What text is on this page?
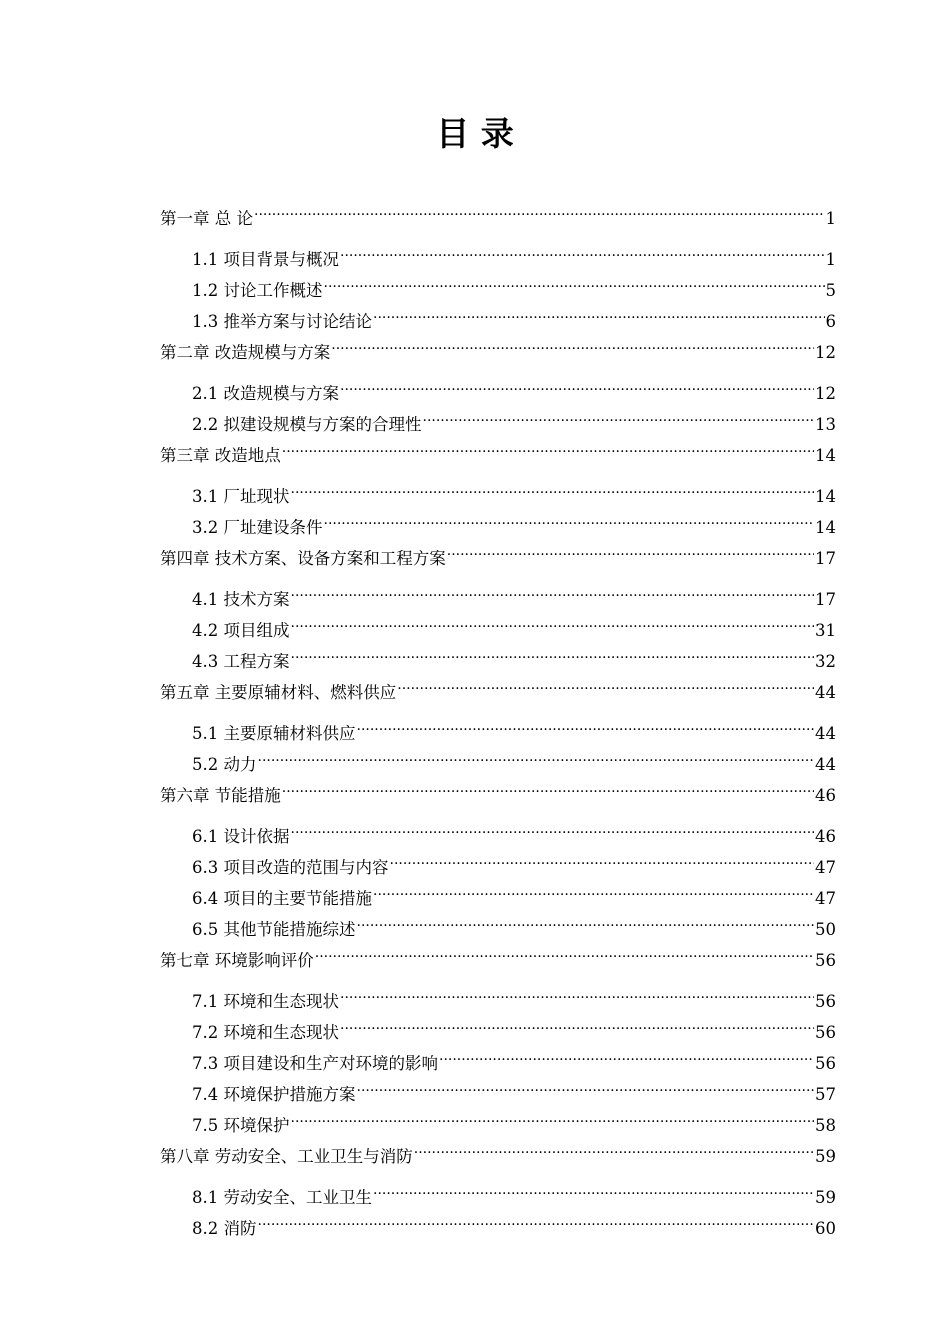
目 录
第一章 总 论 .....	1
1.1 项目背景与概况 .....	1
1.2 讨论工作概述 .....	5
1.3 推举方案与讨论结论 .....	6
第二章 改造规模与方案 .....	12
2.1 改造规模与方案 .....	12
2.2 拟建设规模与方案的合理性 .....	13
第三章 改造地点 .....	14
3.1 厂址现状 .....	14
3.2 厂址建设条件 .....	14
第四章 技术方案、设备方案和工程方案 .....	17
4.1 技术方案 .....	17
4.2 项目组成 .....	31
4.3 工程方案 .....	32
第五章 主要原辅材料、燃料供应 .....	44
5.1 主要原辅材料供应 .....	44
5.2 动力 .....	44
第六章 节能措施 .....	46
6.1 设计依据 .....	46
6.3 项目改造的范围与内容 .....	47
6.4 项目的主要节能措施 .....	47
6.5 其他节能措施综述 .....	50
第七章 环境影响评价 .....	56
7.1 环境和生态现状 .....	56
7.2 环境和生态现状 .....	56
7.3 项目建设和生产对环境的影响 .....	56
7.4 环境保护措施方案 .....	57
7.5 环境保护 .....	58
第八章 劳动安全、工业卫生与消防 .....	59
8.1 劳动安全、工业卫生 .....	59
8.2 消防 .....	60
